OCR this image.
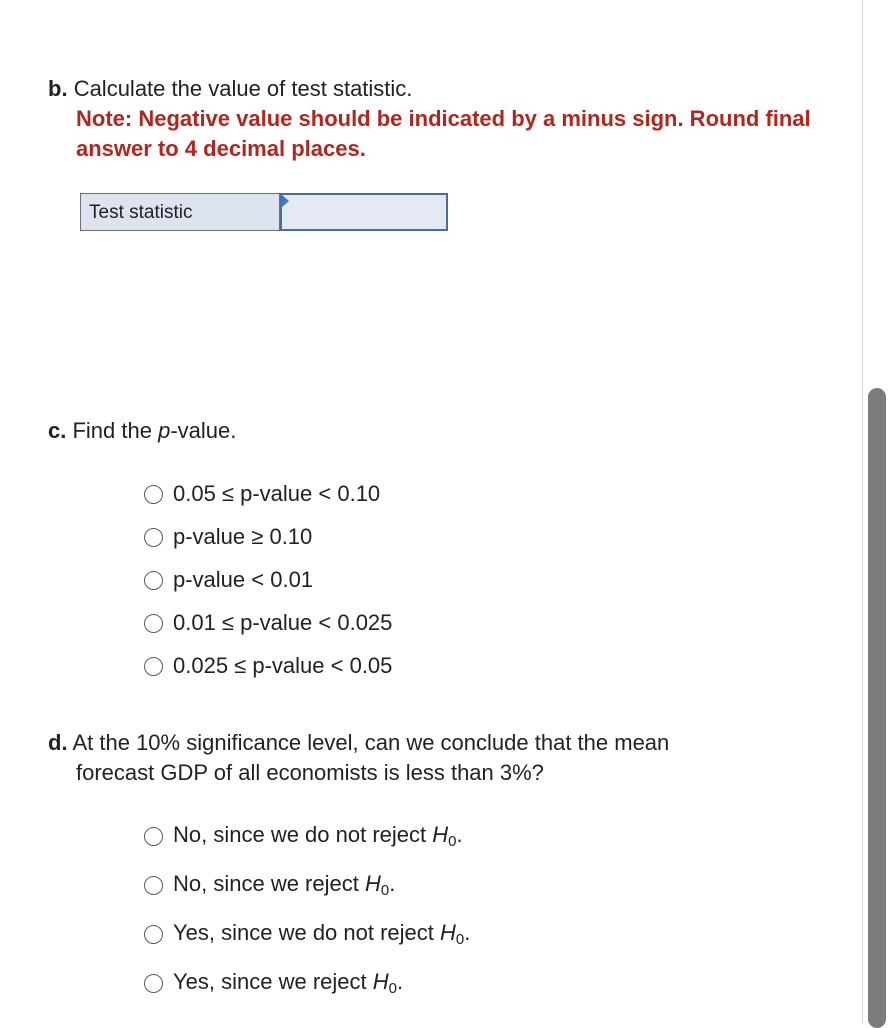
b. Calculate the value of test statistic.
Note: Negative value should be indicated by a minus sign. Round final answer to 4 decimal places.
Test statistic
c. Find the p-value.
0.05 ≤ p-value < 0.10
p-value ≥ 0.10
p-value < 0.01
0.01 ≤ p-value < 0.025
0.025 ≤ p-value < 0.05
d. At the 10% significance level, can we conclude that the mean
forecast GDP of all economists is less than 3%?
No, since we do not reject $H_0$.
No, since we reject $H_0$.
Yes, since we do not reject $H_0$.
Yes, since we reject $H_0$.
